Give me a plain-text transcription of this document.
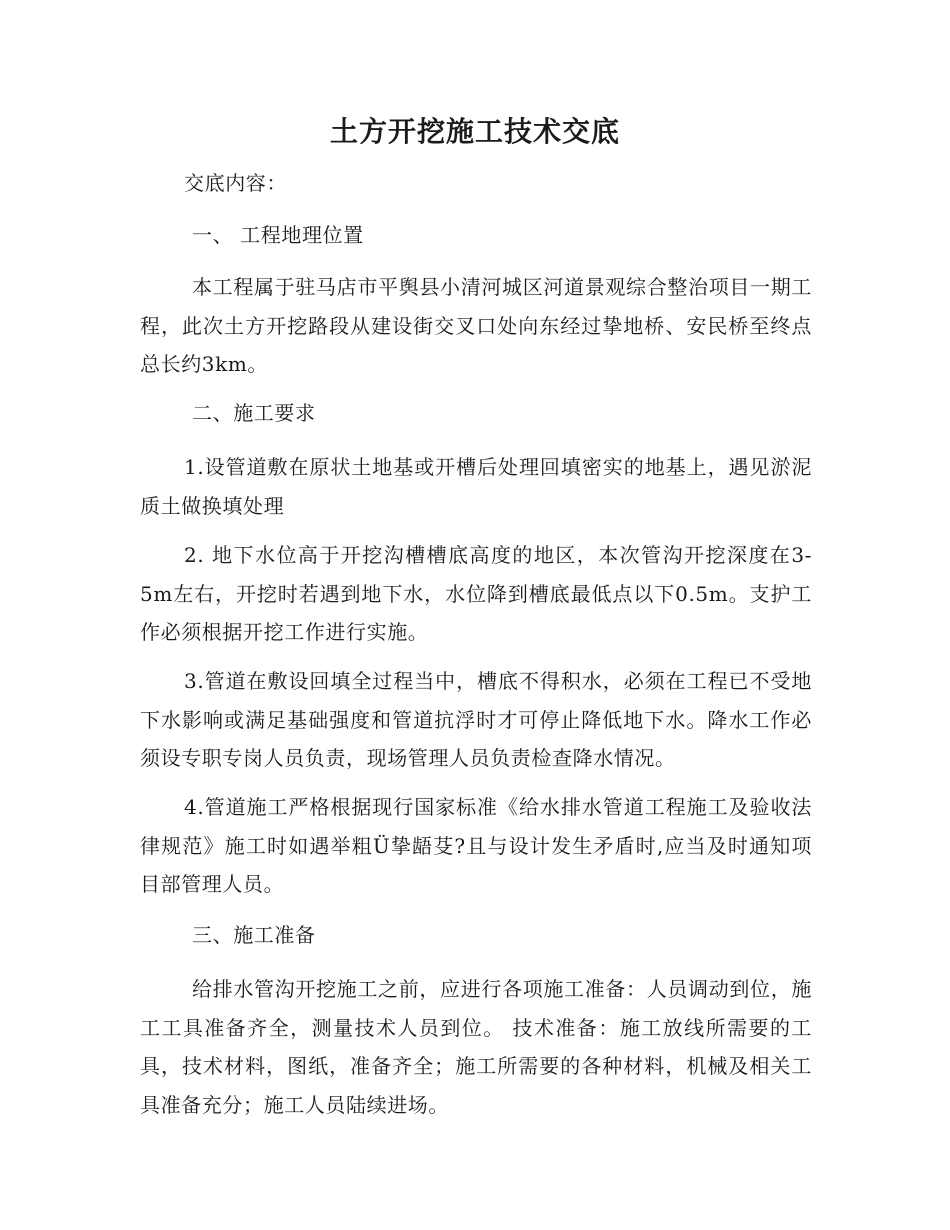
土方开挖施工技术交底

交底内容：

一、 工程地理位置

本工程属于驻马店市平舆县小清河城区河道景观综合整治项目一期工程，此次土方开挖路段从建设街交叉口处向东经过挚地桥、安民桥至终点总长约3km。

二、施工要求

1.设管道敷在原状土地基或开槽后处理回填密实的地基上，遇见淤泥质土做换填处理

2. 地下水位高于开挖沟槽槽底高度的地区，本次管沟开挖深度在3-5m左右，开挖时若遇到地下水，水位降到槽底最低点以下0.5m。支护工作必须根据开挖工作进行实施。

3.管道在敷设回填全过程当中，槽底不得积水，必须在工程已不受地下水影响或满足基础强度和管道抗浮时才可停止降低地下水。降水工作必须设专职专岗人员负责，现场管理人员负责检查降水情况。

4.管道施工严格根据现行国家标准《给水排水管道工程施工及验收法律规范》施工时如遇举粗Ü挚龉芟?且与设计发生矛盾时,应当及时通知项目部管理人员。

三、施工准备

给排水管沟开挖施工之前，应进行各项施工准备：人员调动到位，施工工具准备齐全，测量技术人员到位。 技术准备：施工放线所需要的工具，技术材料，图纸，准备齐全；施工所需要的各种材料，机械及相关工具准备充分；施工人员陆续进场。
